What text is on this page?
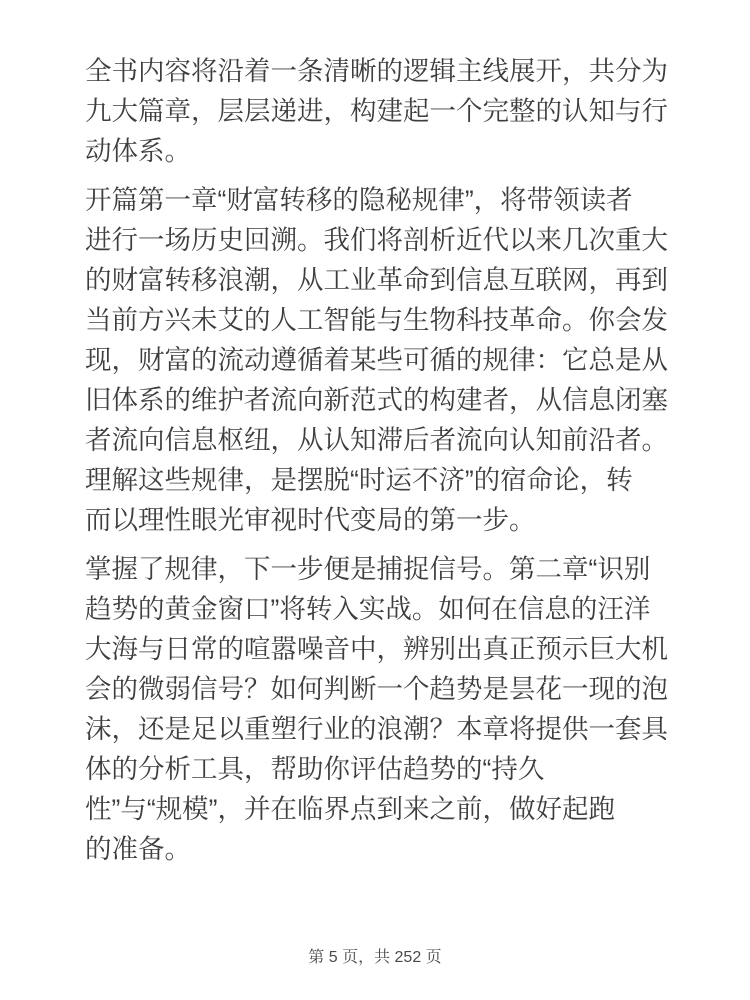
全书内容将沿着一条清晰的逻辑主线展开，共分为
九大篇章，层层递进，构建起一个完整的认知与行
动体系。

开篇第一章“财富转移的隐秘规律”，将带领读者
进行一场历史回溯。我们将剖析近代以来几次重大
的财富转移浪潮，从工业革命到信息互联网，再到
当前方兴未艾的人工智能与生物科技革命。你会发
现，财富的流动遵循着某些可循的规律：它总是从
旧体系的维护者流向新范式的构建者，从信息闭塞
者流向信息枢纽，从认知滞后者流向认知前沿者。
理解这些规律，是摆脱“时运不济”的宿命论，转
而以理性眼光审视时代变局的第一步。

掌握了规律，下一步便是捕捉信号。第二章“识别
趋势的黄金窗口”将转入实战。如何在信息的汪洋
大海与日常的喧嚣噪音中，辨别出真正预示巨大机
会的微弱信号？如何判断一个趋势是昙花一现的泡
沫，还是足以重塑行业的浪潮？本章将提供一套具
体的分析工具，帮助你评估趋势的“持久
性”与“规模”，并在临界点到来之前，做好起跑
的准备。

第 5 页，共 252 页
